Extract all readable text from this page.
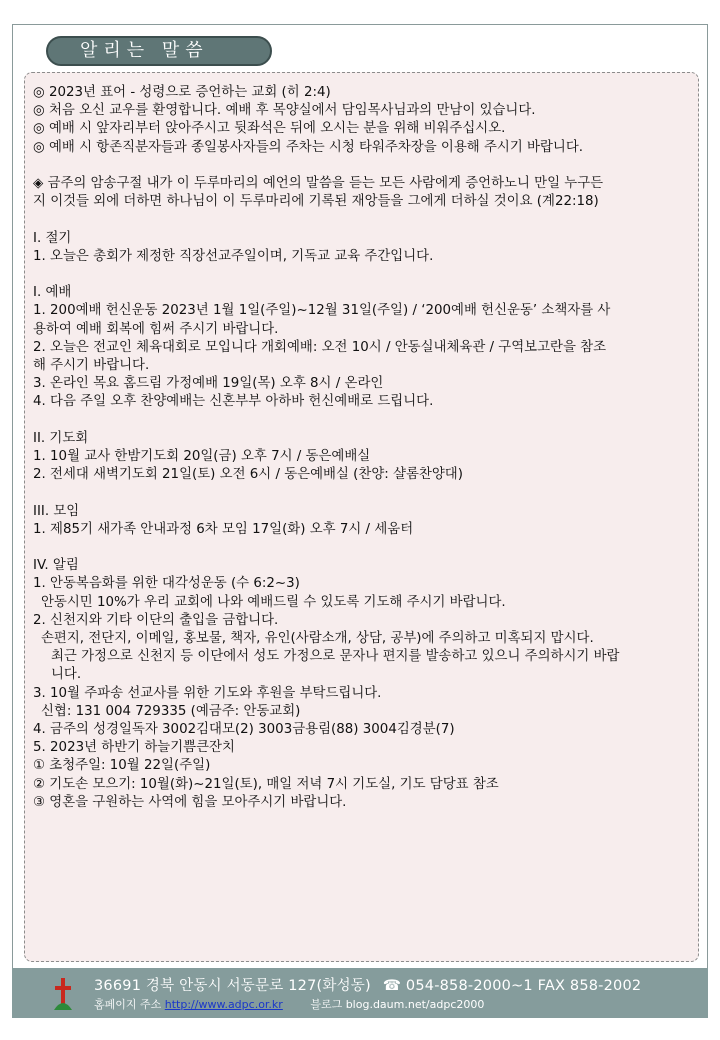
알리는 말씀
◎ 2023년 표어 - 성령으로 증언하는 교회 (히 2:4)
◎ 처음 오신 교우를 환영합니다. 예배 후 목양실에서 담임목사님과의 만남이 있습니다.
◎ 예배 시 앞자리부터 앉아주시고 뒷좌석은 뒤에 오시는 분을 위해 비워주십시오.
◎ 예배 시 항존직분자들과 종일봉사자들의 주차는 시청 타워주차장을 이용해 주시기 바랍니다.
◈ 금주의 암송구절 내가 이 두루마리의 예언의 말씀을 듣는 모든 사람에게 증언하노니 만일 누구든
지 이것들 외에 더하면 하나님이 이 두루마리에 기록된 재앙들을 그에게 더하실 것이요 (계22:18)
I. 절기
1. 오늘은 총회가 제정한 직장선교주일이며, 기독교 교육 주간입니다.
I. 예배
1. 200예배 헌신운동 2023년 1월 1일(주일)~12월 31일(주일) / ‘200예배 헌신운동’ 소책자를 사
용하여 예배 회복에 힘써 주시기 바랍니다.
2. 오늘은 전교인 체육대회로 모입니다 개회예배: 오전 10시 / 안동실내체육관 / 구역보고란을 참조
해 주시기 바랍니다.
3. 온라인 목요 홈드림 가정예배 19일(목) 오후 8시 / 온라인
4. 다음 주일 오후 찬양예배는 신혼부부 아하바 헌신예배로 드립니다.
II. 기도회
1. 10월 교사 한밤기도회 20일(금) 오후 7시 / 동은예배실
2. 전세대 새벽기도회 21일(토) 오전 6시 / 동은예배실 (찬양: 샬롬찬양대)
III. 모임
1. 제85기 새가족 안내과정 6차 모임 17일(화) 오후 7시 / 세움터
IV. 알림
1. 안동복음화를 위한 대각성운동 (수 6:2~3)
안동시민 10%가 우리 교회에 나와 예배드릴 수 있도록 기도해 주시기 바랍니다.
2. 신천지와 기타 이단의 출입을 금합니다.
손편지, 전단지, 이메일, 홍보물, 책자, 유인(사람소개, 상담, 공부)에 주의하고 미혹되지 맙시다.
최근 가정으로 신천지 등 이단에서 성도 가정으로 문자나 편지를 발송하고 있으니 주의하시기 바랍
니다.
3. 10월 주파송 선교사를 위한 기도와 후원을 부탁드립니다.
신협: 131 004 729335 (예금주: 안동교회)
4. 금주의 성경일독자 3002김대모(2) 3003금용림(88) 3004김경분(7)
5. 2023년 하반기 하늘기쁨큰잔치
① 초청주일: 10월 22일(주일)
② 기도손 모으기: 10월(화)~21일(토), 매일 저녁 7시 기도실, 기도 담당표 참조
③ 영혼을 구원하는 사역에 힘을 모아주시기 바랍니다.
36691 경북 안동시 서동문로 127(화성동) ☎ 054-858-2000~1 FAX 858-2002
홈페이지 주소 http://www.adpc.or.kr	블로그 blog.daum.net/adpc2000
